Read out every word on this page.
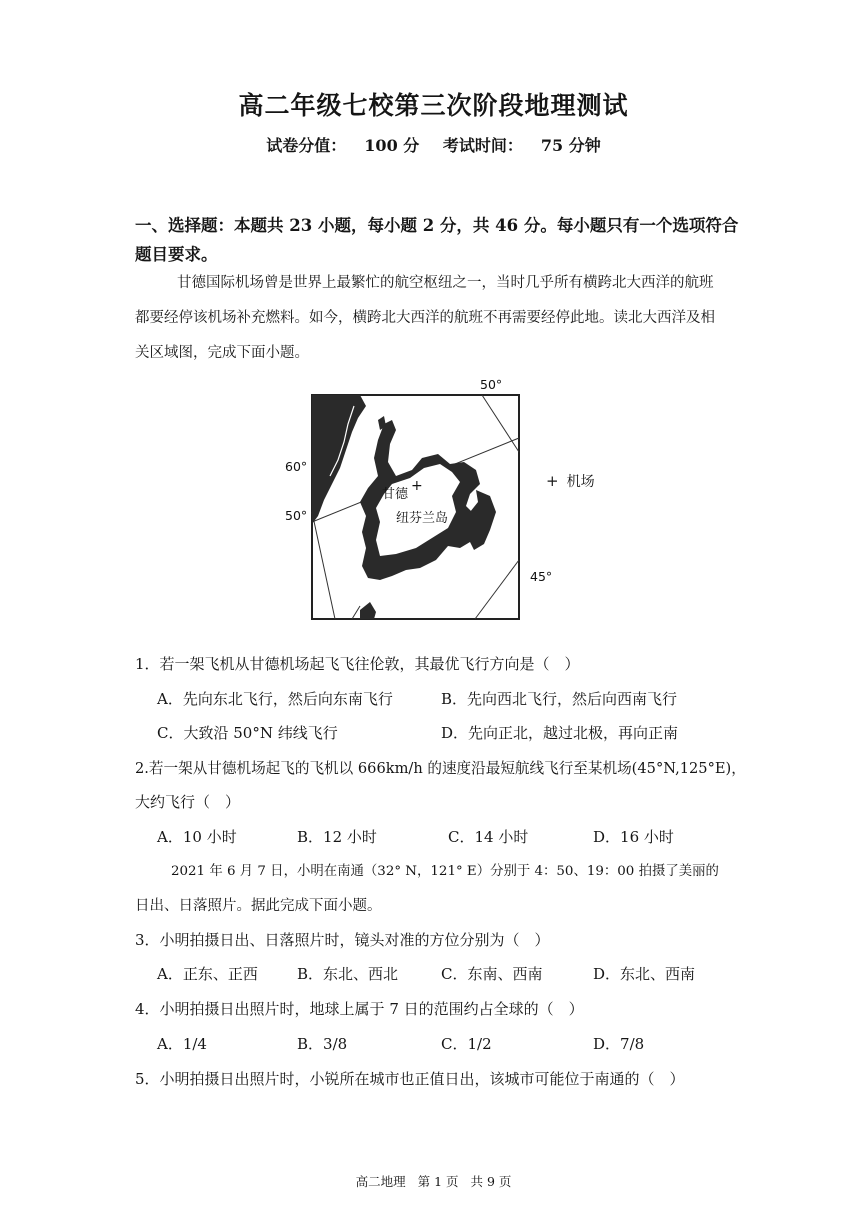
高二年级七校第三次阶段地理测试
试卷分值： 100 分 考试时间： 75 分钟
一、选择题：本题共 23 小题，每小题 2 分，共 46 分。每小题只有一个选项符合
题目要求。
甘德国际机场曾是世界上最繁忙的航空枢纽之一，当时几乎所有横跨北大西洋的航班
都要经停该机场补充燃料。如今，横跨北大西洋的航班不再需要经停此地。读北大西洋及相
关区域图，完成下面小题。
+
甘德
纽芬兰岛
50°
60°
50°
45°
+ 机场
1．若一架飞机从甘德机场起飞飞往伦敦，其最优飞行方向是（　）
A．先向东北飞行，然后向东南飞行	B．先向西北飞行，然后向西南飞行
C．大致沿 50°N 纬线飞行	D．先向正北，越过北极，再向正南
2.若一架从甘德机场起飞的飞机以 666km/h 的速度沿最短航线飞行至某机场(45°N,125°E)，
大约飞行（　）
A．10 小时	B．12 小时	C．14 小时	D．16 小时
2021 年 6 月 7 日，小明在南通（32° N，121° E）分别于 4：50、19：00 拍摄了美丽的
日出、日落照片。据此完成下面小题。
3．小明拍摄日出、日落照片时，镜头对准的方位分别为（　）
A．正东、正西	B．东北、西北	C．东南、西南	D．东北、西南
4．小明拍摄日出照片时，地球上属于 7 日的范围约占全球的（　）
A．1/4	B．3/8	C．1/2	D．7/8
5．小明拍摄日出照片时，小锐所在城市也正值日出，该城市可能位于南通的（　）
高二地理 第 1 页 共 9 页
